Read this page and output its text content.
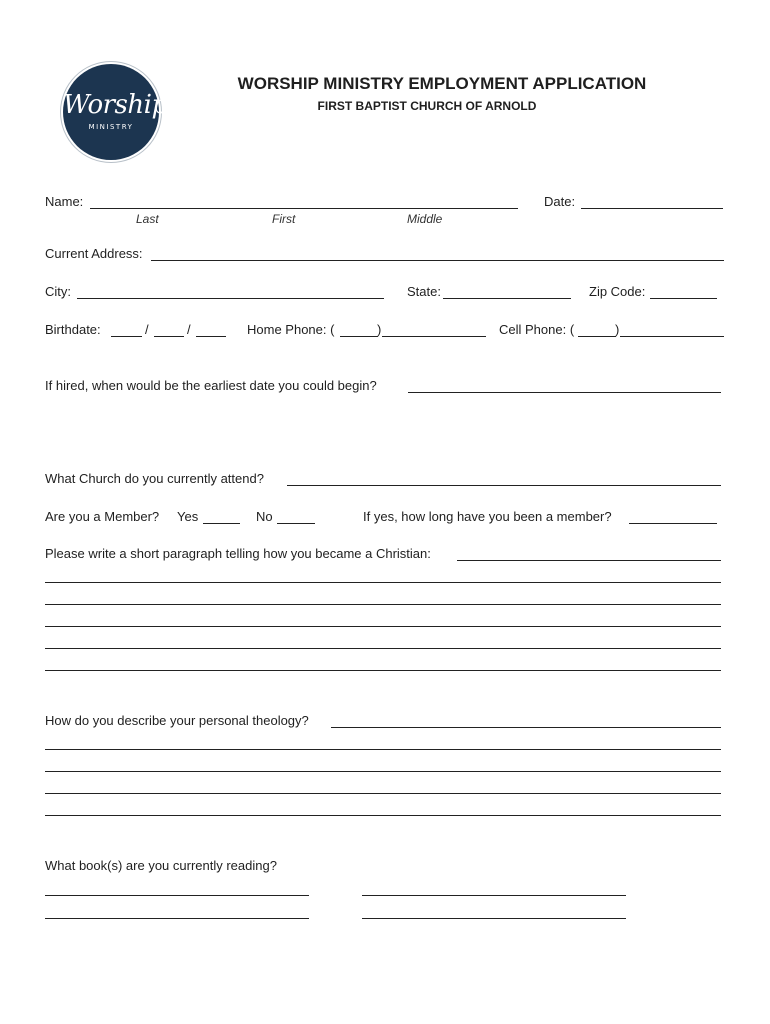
Worship
MINISTRY
WORSHIP MINISTRY EMPLOYMENT APPLICATION
FIRST BAPTIST CHURCH OF ARNOLD
Name:	Date:
Last	First	Middle
Current Address:
City:	State:	Zip Code:
Birthdate:	/	/	Home Phone: (	)	Cell Phone: (	)
If hired, when would be the earliest date you could begin?
What Church do you currently attend?
Are you a Member? Yes	No	If yes, how long have you been a member?
Please write a short paragraph telling how you became a Christian:
How do you describe your personal theology?
What book(s) are you currently reading?
